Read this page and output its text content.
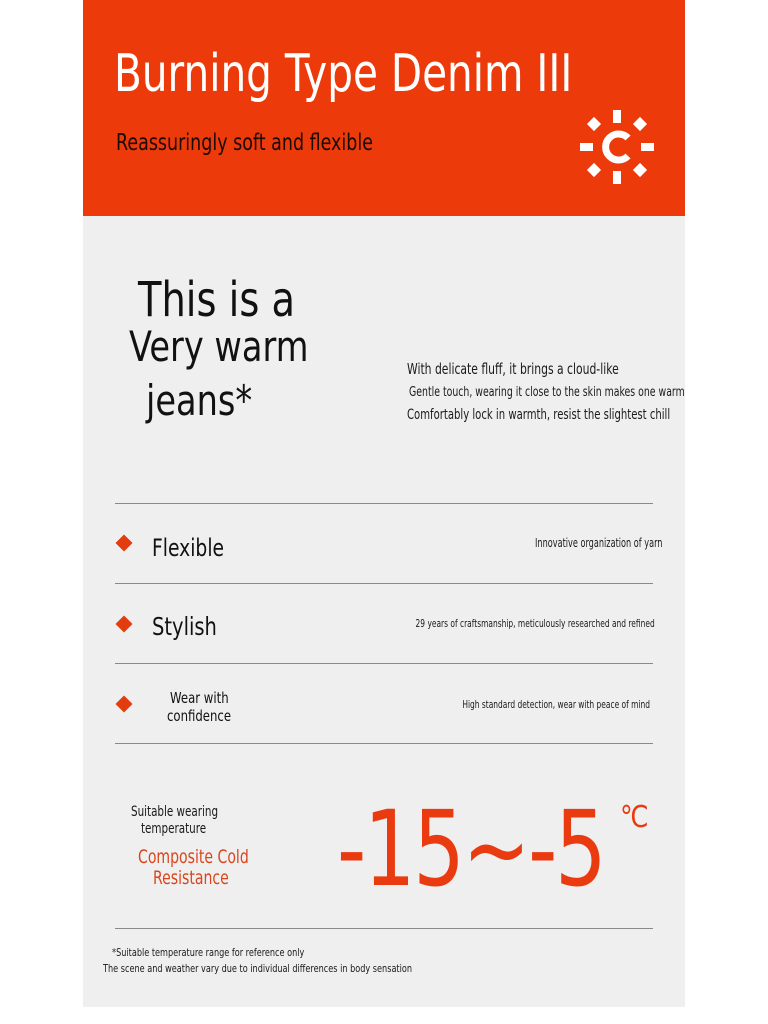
Burning Type Denim III
Reassuringly soft and flexible
This is a
Very warm
jeans*
With delicate fluff, it brings a cloud-like
Gentle touch, wearing it close to the skin makes one warm
Comfortably lock in warmth, resist the slightest chill
Flexible	Innovative organization of yarn
Stylish	29 years of craftsmanship, meticulously researched and refined
Wear with
confidence
High standard detection, wear with peace of mind
Suitable wearing
temperature
Composite Cold
Resistance -15~-5 ℃
*Suitable temperature range for reference only
The scene and weather vary due to individual differences in body sensation
